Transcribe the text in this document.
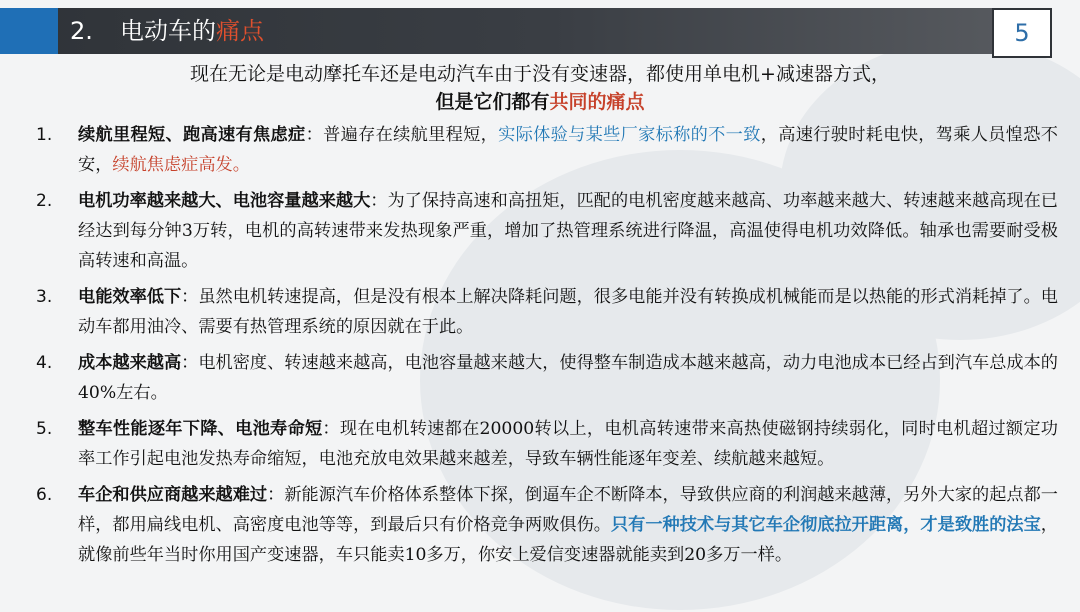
2. 电动车的痛点	5
现在无论是电动摩托车还是电动汽车由于没有变速器，都使用单电机+减速器方式，
但是它们都有共同的痛点
1. 续航里程短、跑高速有焦虑症：普遍存在续航里程短，实际体验与某些厂家标称的不一致，高速行驶时耗电快，驾乘人员惶恐不安，续航焦虑症高发。
2. 电机功率越来越大、电池容量越来越大：为了保持高速和高扭矩，匹配的电机密度越来越高、功率越来越大、转速越来越高现在已经达到每分钟3万转，电机的高转速带来发热现象严重，增加了热管理系统进行降温，高温使得电机功效降低。轴承也需要耐受极高转速和高温。
3. 电能效率低下：虽然电机转速提高，但是没有根本上解决降耗问题，很多电能并没有转换成机械能而是以热能的形式消耗掉了。电动车都用油冷、需要有热管理系统的原因就在于此。
4. 成本越来越高：电机密度、转速越来越高，电池容量越来越大，使得整车制造成本越来越高，动力电池成本已经占到汽车总成本的40%左右。
5. 整车性能逐年下降、电池寿命短：现在电机转速都在20000转以上，电机高转速带来高热使磁钢持续弱化，同时电机超过额定功率工作引起电池发热寿命缩短，电池充放电效果越来越差，导致车辆性能逐年变差、续航越来越短。
6. 车企和供应商越来越难过：新能源汽车价格体系整体下探，倒逼车企不断降本，导致供应商的利润越来越薄，另外大家的起点都一样，都用扁线电机、高密度电池等等，到最后只有价格竞争两败俱伤。只有一种技术与其它车企彻底拉开距离，才是致胜的法宝，就像前些年当时你用国产变速器，车只能卖10多万，你安上爱信变速器就能卖到20多万一样。
